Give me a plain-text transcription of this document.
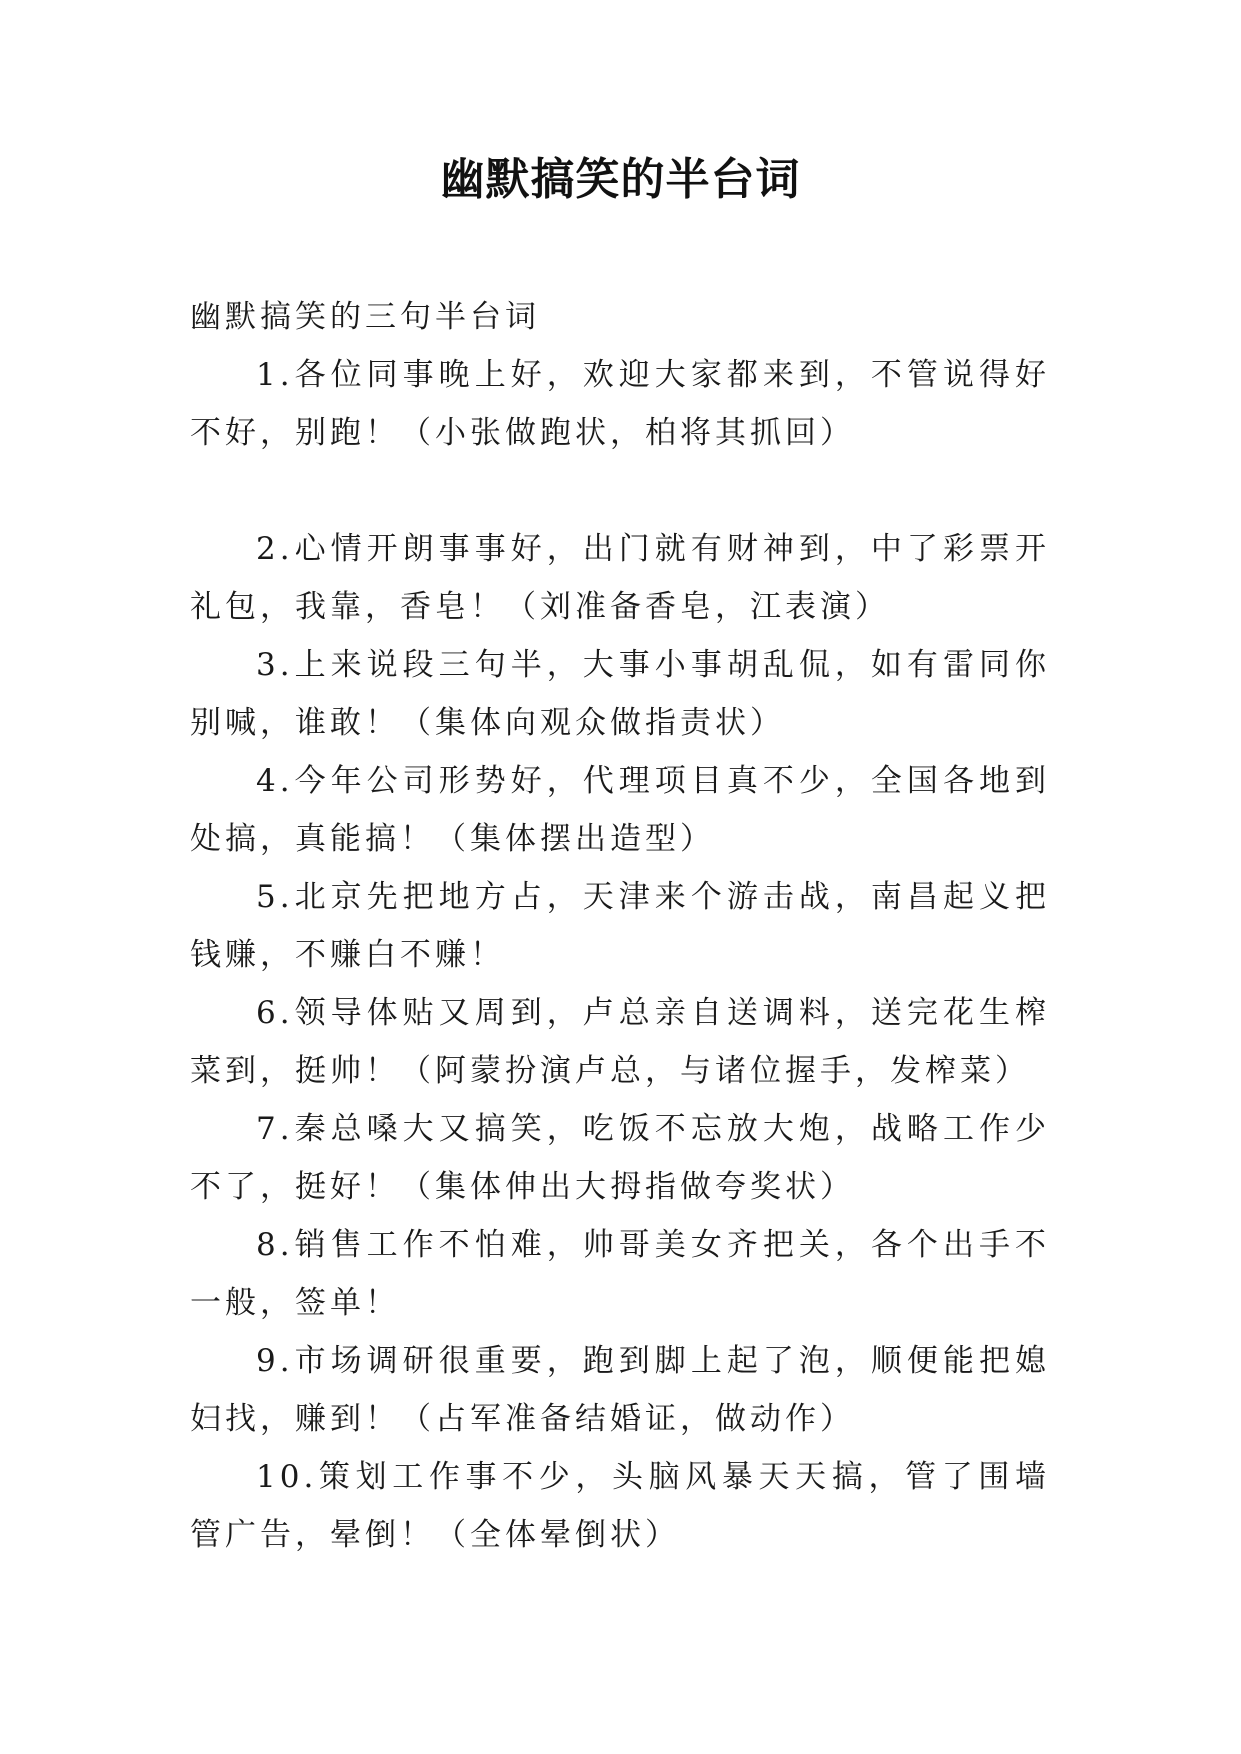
幽默搞笑的半台词

幽默搞笑的三句半台词

1.各位同事晚上好，欢迎大家都来到，不管说得好不好，别跑！（小张做跑状，柏将其抓回）

2.心情开朗事事好，出门就有财神到，中了彩票开礼包，我靠，香皂！（刘准备香皂，江表演）

3.上来说段三句半，大事小事胡乱侃，如有雷同你别喊，谁敢！（集体向观众做指责状）

4.今年公司形势好，代理项目真不少，全国各地到处搞，真能搞！（集体摆出造型）

5.北京先把地方占，天津来个游击战，南昌起义把钱赚，不赚白不赚！

6.领导体贴又周到，卢总亲自送调料，送完花生榨菜到，挺帅！（阿蒙扮演卢总，与诸位握手，发榨菜）

7.秦总嗓大又搞笑，吃饭不忘放大炮，战略工作少不了，挺好！（集体伸出大拇指做夸奖状）

8.销售工作不怕难，帅哥美女齐把关，各个出手不一般，签单！

9.市场调研很重要，跑到脚上起了泡，顺便能把媳妇找，赚到！（占军准备结婚证，做动作）

10.策划工作事不少，头脑风暴天天搞，管了围墙管广告，晕倒！（全体晕倒状）
